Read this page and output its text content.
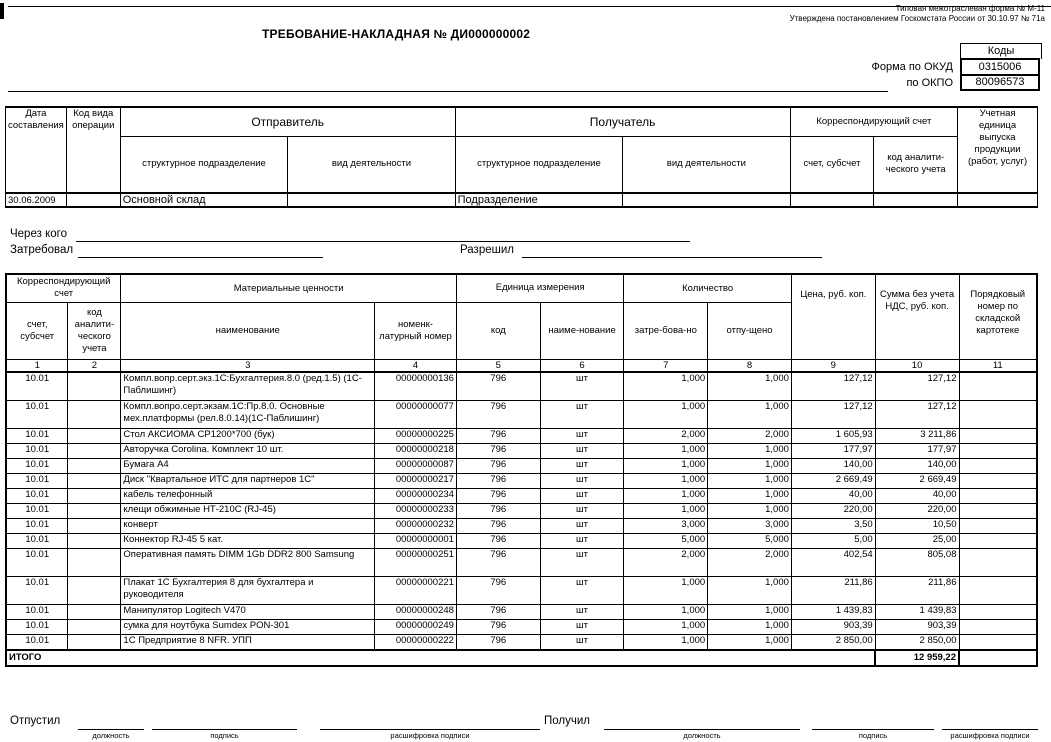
Типовая межотраслевая форма № М-11
Утверждена постановлением Госкомстата России от 30.10.97 № 71а
ТРЕБОВАНИЕ-НАКЛАДНАЯ № ДИ000000002
Коды
Форма по ОКУД	0315006
по ОКПО	80096573
Дата составления	Код вида операции	Отправитель		Получатель		Корреспондирующий счет		Учетная единица выпуска продукции (работ, услуг)
		структурное подразделение	вид деятельности	структурное подразделение	вид деятельности	счет, субсчет	код аналити-ческого учета	
30.06.2009		Основной склад		Подразделение				
Через кого
Затребовал	Разрешил
Корреспондирующий счет		Материальные ценности		Единица измерения		Количество		Цена, руб. коп.	Сумма без учета НДС, руб. коп.	Порядковый номер по складской картотеке
счет, субсчет	код аналити-ческого учета	наименование	номенк-латурный номер	код	наиме-нование	затре-бова-но	отпу-щено			
1	2	3	4	5	6	7	8	9	10	11
10.01		Компл.вопр.серт.экз.1С:Бухгалтерия.8.0 (ред.1.5) (1С-Паблишинг)	00000000136	796	шт	1,000	1,000	127,12	127,12	
10.01		Компл.вопро.серт.экзам.1С:Пр.8.0. Основные мех.платформы (рел.8.0.14)(1С-Паблишинг)	00000000077	796	шт	1,000	1,000	127,12	127,12	
10.01		Стол АКСИОМА СР1200*700 (бук)	00000000225	796	шт	2,000	2,000	1 605,93	3 211,86	
10.01		Авторучка Corolina. Комплект 10 шт.	00000000218	796	шт	1,000	1,000	177,97	177,97	
10.01		Бумага А4	00000000087	796	шт	1,000	1,000	140,00	140,00	
10.01		Диск "Квартальное ИТС для партнеров 1С"	00000000217	796	шт	1,000	1,000	2 669,49	2 669,49	
10.01		кабель телефонный	00000000234	796	шт	1,000	1,000	40,00	40,00	
10.01		клещи обжимные НТ-210С (RJ-45)	00000000233	796	шт	1,000	1,000	220,00	220,00	
10.01		конверт	00000000232	796	шт	3,000	3,000	3,50	10,50	
10.01		Коннектор RJ-45 5 кат.	00000000001	796	шт	5,000	5,000	5,00	25,00	
10.01		Оперативная память DIMM 1Gb DDR2 800 Samsung	00000000251	796	шт	2,000	2,000	402,54	805,08	
10.01		Плакат 1С Бухгалтерия 8 для бухгалтера и руководителя	00000000221	796	шт	1,000	1,000	211,86	211,86	
10.01		Манипулятор Logitech V470	00000000248	796	шт	1,000	1,000	1 439,83	1 439,83	
10.01		сумка для ноутбука Sumdex PON-301	00000000249	796	шт	1,000	1,000	903,39	903,39	
10.01		1С Предприятие 8 NFR. УПП	00000000222	796	шт	1,000	1,000	2 850,00	2 850,00	
ИТОГО									12 959,22	
Отпустил
должность	подпись	расшифровка подписи
Получил
должность	подпись	расшифровка подписи
